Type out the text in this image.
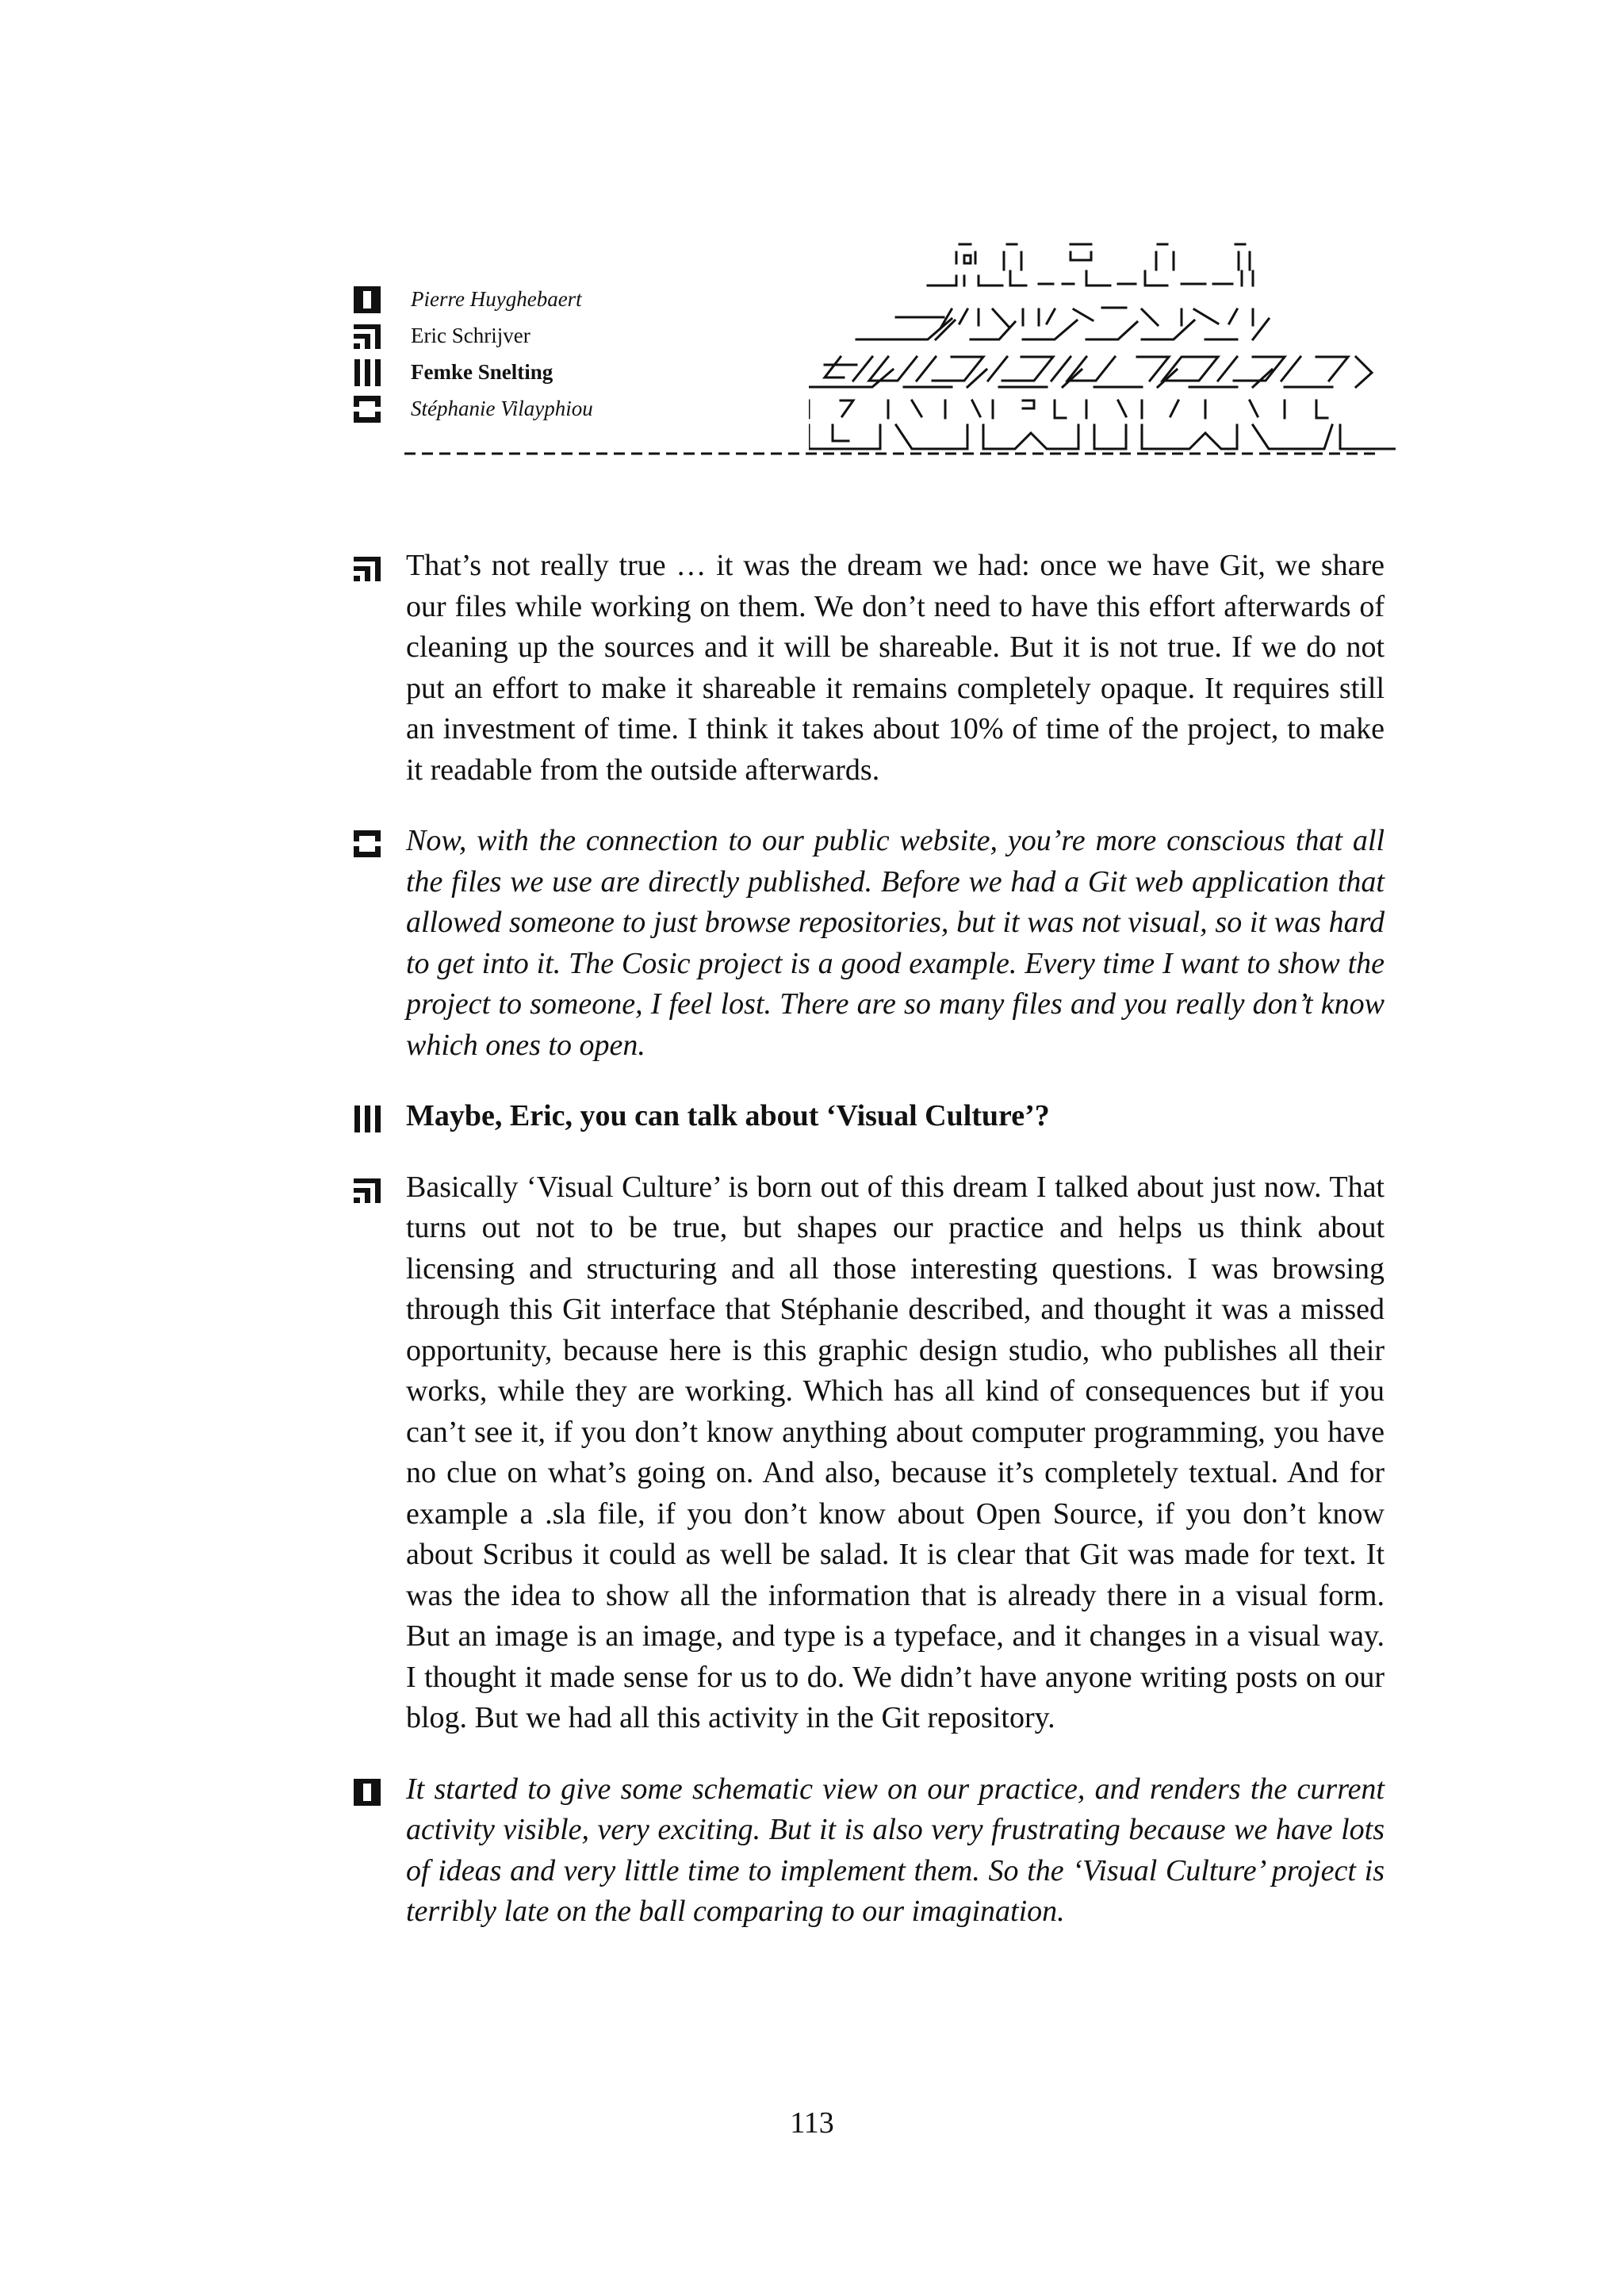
Pierre Huyghebaert
Eric Schrijver
Femke Snelting
Stéphanie Vilayphiou
That’s not really true … it was the dream we had: once we have Git, we share our files while working on them. We don’t need to have this effort afterwards of cleaning up the sources and it will be shareable. But it is not true. If we do not put an effort to make it shareable it remains completely opaque. It requires still an investment of time. I think it takes about 10% of time of the project, to make it readable from the outside afterwards.
Now, with the connection to our public website, you’re more conscious that all the files we use are directly published. Before we had a Git web application that allowed someone to just browse repositories, but it was not visual, so it was hard to get into it. The Cosic project is a good example. Every time I want to show the project to someone, I feel lost. There are so many files and you really don’t know which ones to open.
Maybe, Eric, you can talk about ‘Visual Culture’?
Basically ‘Visual Culture’ is born out of this dream I talked about just now. That turns out not to be true, but shapes our practice and helps us think about licensing and structuring and all those interesting questions. I was browsing through this Git interface that Stéphanie described, and thought it was a missed opportunity, because here is this graphic design studio, who publishes all their works, while they are working. Which has all kind of consequences but if you can’t see it, if you don’t know anything about computer programming, you have no clue on what’s going on. And also, because it’s completely textual. And for example a .sla file, if you don’t know about Open Source, if you don’t know about Scribus it could as well be salad. It is clear that Git was made for text. It was the idea to show all the information that is already there in a visual form. But an image is an image, and type is a typeface, and it changes in a visual way. I thought it made sense for us to do. We didn’t have anyone writing posts on our blog. But we had all this activity in the Git repository.
It started to give some schematic view on our practice, and renders the current activity visible, very exciting. But it is also very frustrating because we have lots of ideas and very little time to implement them. So the ‘Visual Culture’ project is terribly late on the ball comparing to our imagination.
113
